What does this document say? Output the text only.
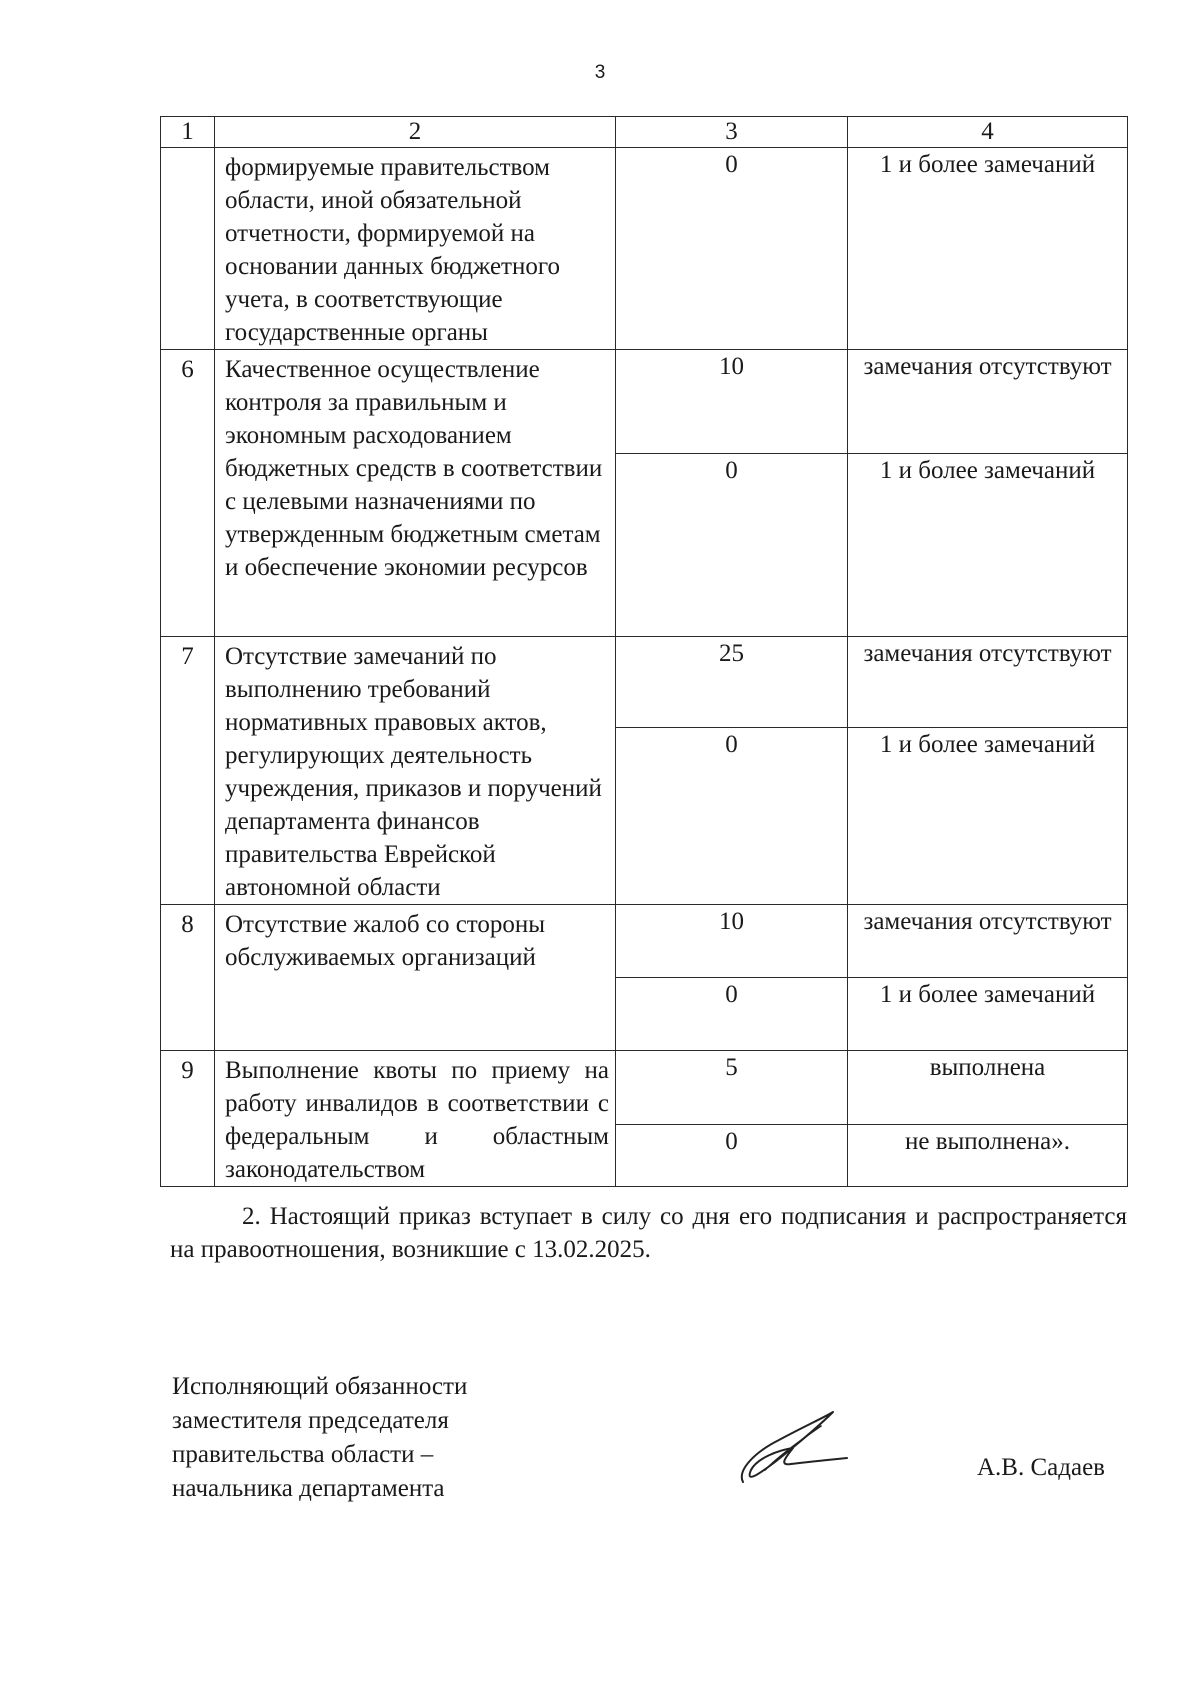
3
1	2	3	4
	формируемые правительством области, иной обязательной отчетности, формируемой на основании данных бюджетного учета, в соответствующие государственные органы	0	1 и более замечаний
6	Качественное осуществление контроля за правильным и экономным расходованием бюджетных средств в соответствии с целевыми назначениями по утвержденным бюджетным сметам и обеспечение экономии ресурсов	10	замечания отсутствуют
		0	1 и более замечаний
7	Отсутствие замечаний по выполнению требований нормативных правовых актов, регулирующих деятельность учреждения, приказов и поручений департамента финансов правительства Еврейской автономной области	25	замечания отсутствуют
		0	1 и более замечаний
8	Отсутствие жалоб со стороны обслуживаемых организаций	10	замечания отсутствуют
		0	1 и более замечаний
9	Выполнение квоты по приему на работу инвалидов в соответствии с федеральным и областным законодательством	5	выполнена
		0	не выполнена».
2. Настоящий приказ вступает в силу со дня его подписания и распространяется на правоотношения, возникшие с 13.02.2025.
Исполняющий обязанности
заместителя председателя
правительства области –
начальника департамента
А.В. Садаев
